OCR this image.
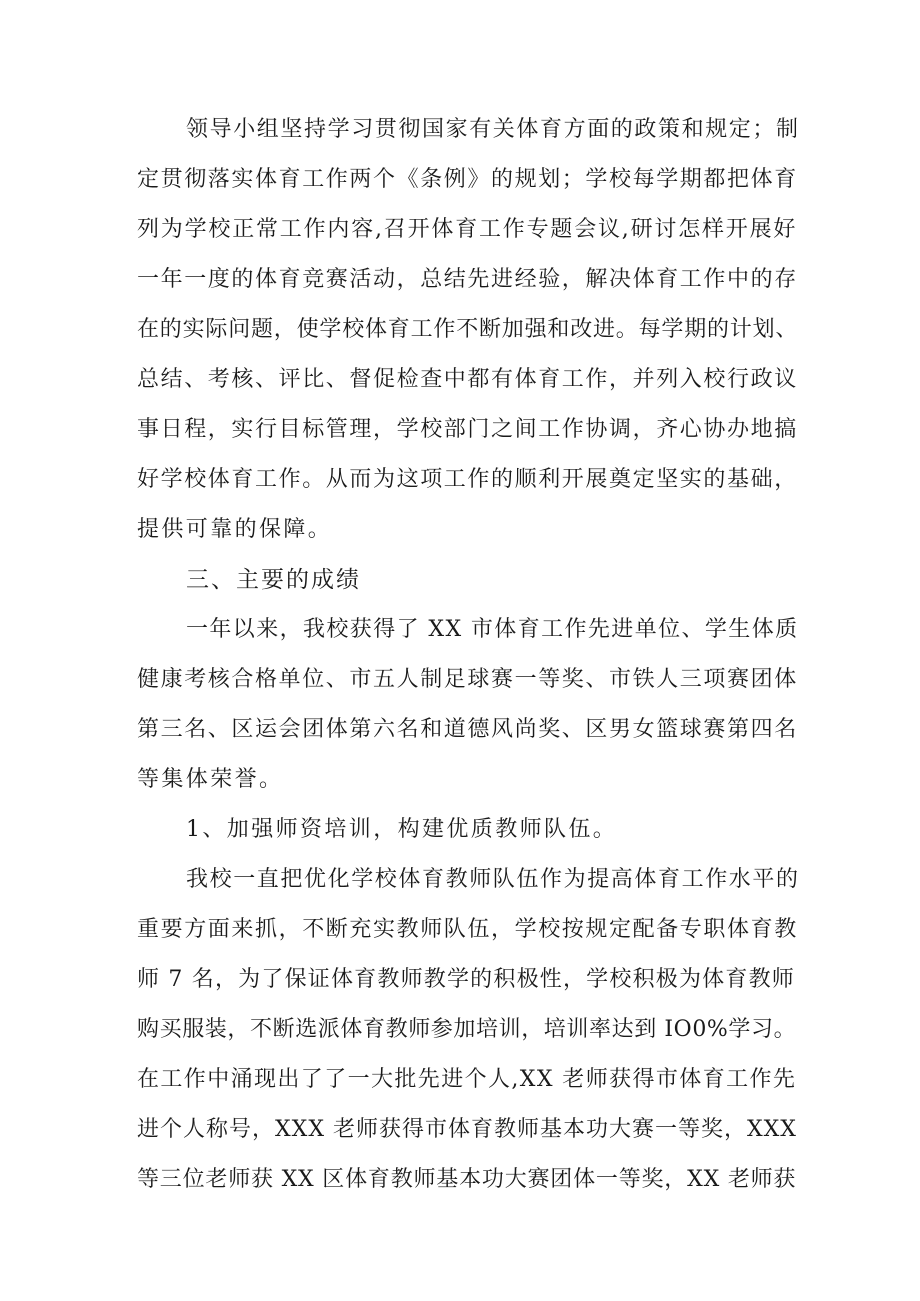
领导小组坚持学习贯彻国家有关体育方面的政策和规定；制
定贯彻落实体育工作两个《条例》的规划；学校每学期都把体育
列为学校正常工作内容,召开体育工作专题会议,研讨怎样开展好
一年一度的体育竞赛活动，总结先进经验，解决体育工作中的存
在的实际问题，使学校体育工作不断加强和改进。每学期的计划、
总结、考核、评比、督促检查中都有体育工作，并列入校行政议
事日程，实行目标管理，学校部门之间工作协调，齐心协办地搞
好学校体育工作。从而为这项工作的顺利开展奠定坚实的基础，
提供可靠的保障。
三、主要的成绩
一年以来，我校获得了 XX 市体育工作先进单位、学生体质
健康考核合格单位、市五人制足球赛一等奖、市铁人三项赛团体
第三名、区运会团体第六名和道德风尚奖、区男女篮球赛第四名
等集体荣誉。
1、加强师资培训，构建优质教师队伍。
我校一直把优化学校体育教师队伍作为提高体育工作水平的
重要方面来抓，不断充实教师队伍，学校按规定配备专职体育教
师 7 名，为了保证体育教师教学的积极性，学校积极为体育教师
购买服装，不断选派体育教师参加培训，培训率达到 IO0%学习。
在工作中涌现出了了一大批先进个人,XX 老师获得市体育工作先
进个人称号，XXX 老师获得市体育教师基本功大赛一等奖，XXX
等三位老师获 XX 区体育教师基本功大赛团体一等奖，XX 老师获
